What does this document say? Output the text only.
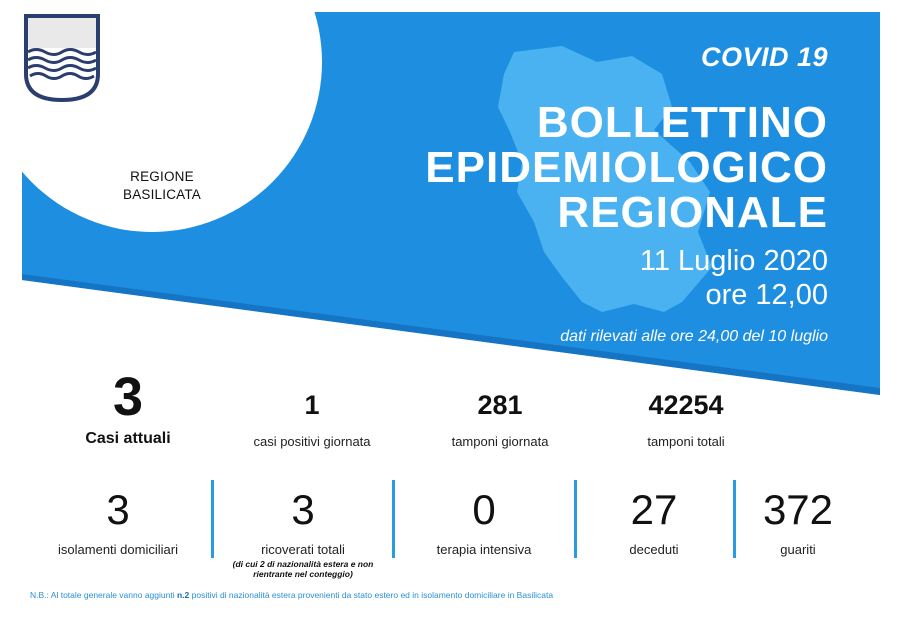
REGIONE
BASILICATA
COVID 19
BOLLETTINO
EPIDEMIOLOGICO
REGIONALE
11 Luglio 2020
ore 12,00
dati rilevati alle ore 24,00 del 10 luglio
3
Casi attuali
1
casi positivi giornata
281
tamponi giornata
42254
tamponi totali
3
isolamenti domiciliari
3
ricoverati totali
(di cui 2 di nazionalità estera e non rientrante nel conteggio)
0
terapia intensiva
27
deceduti
372
guariti
N.B.: Al totale generale vanno aggiunti n.2 positivi di nazionalità estera provenienti da stato estero ed in isolamento domiciliare in Basilicata
